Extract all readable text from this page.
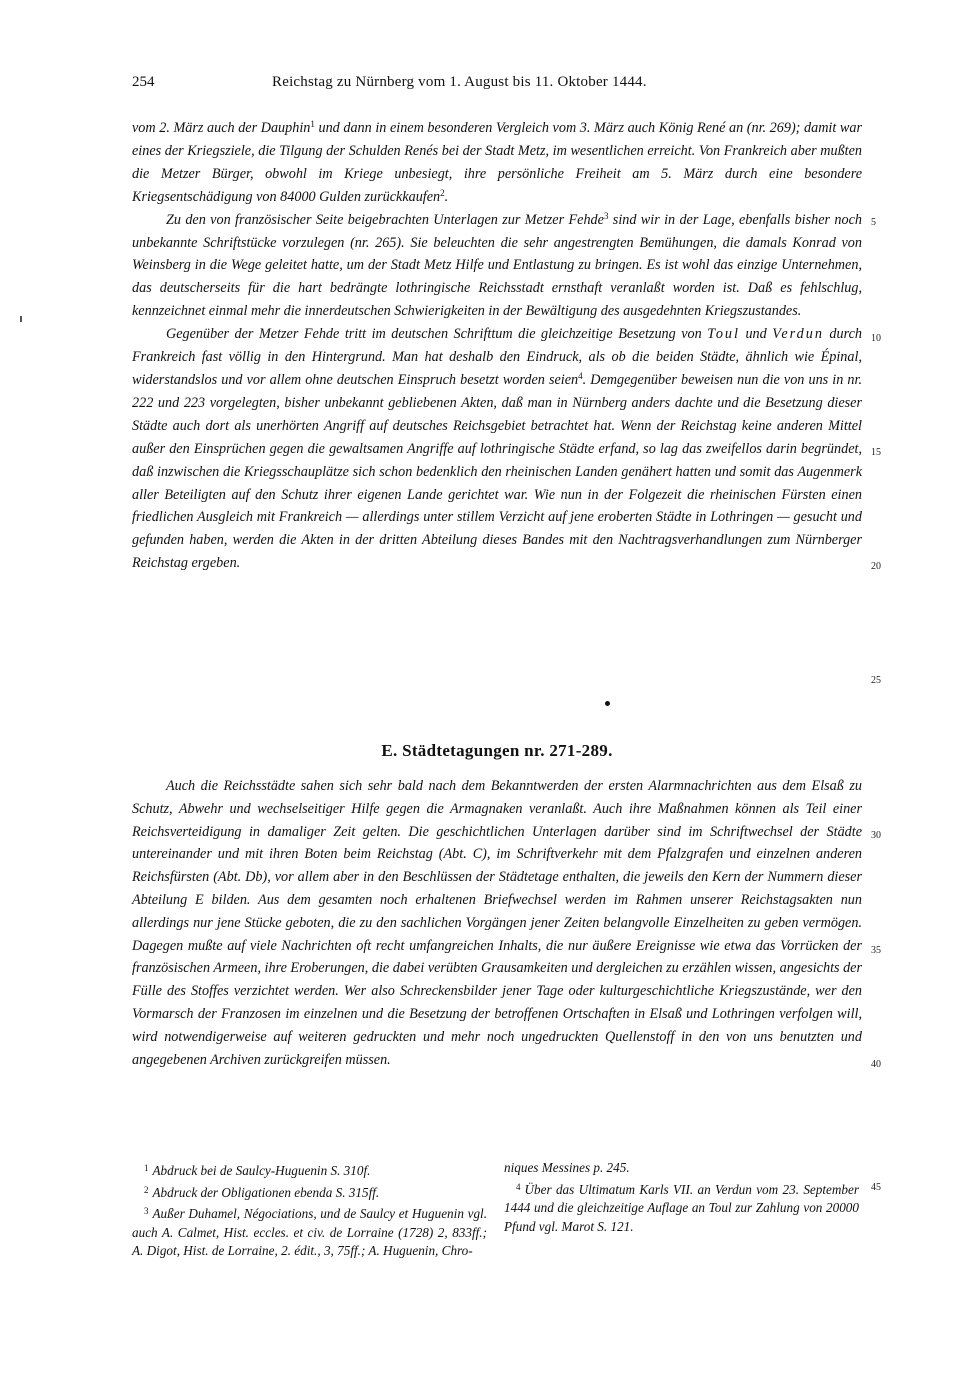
254	Reichstag zu Nürnberg vom 1. August bis 11. Oktober 1444.

vom 2. März auch der Dauphin$^1$ und dann in einem besonderen Vergleich vom 3. März auch König René an (nr. 269); damit war eines der Kriegsziele, die Tilgung der Schulden Renés bei der Stadt Metz, im wesentlichen erreicht. Von Frankreich aber mußten die Metzer Bürger, obwohl im Kriege unbesiegt, ihre persönliche Freiheit am 5. März durch eine besondere Kriegsentschädigung von 84000 Gulden zurückkaufen$^2$.

Zu den von französischer Seite beigebrachten Unterlagen zur Metzer Fehde$^3$ sind wir in der Lage, ebenfalls bisher noch unbekannte Schriftstücke vorzulegen (nr. 265). Sie beleuchten die sehr angestrengten Bemühungen, die damals Konrad von Weinsberg in die Wege geleitet hatte, um der Stadt Metz Hilfe und Entlastung zu bringen. Es ist wohl das einzige Unternehmen, das deutscherseits für die hart bedrängte lothringische Reichsstadt ernsthaft veranlaßt worden ist. Daß es fehlschlug, kennzeichnet einmal mehr die innerdeutschen Schwierigkeiten in der Bewältigung des ausgedehnten Kriegszustandes.

Gegenüber der Metzer Fehde tritt im deutschen Schrifttum die gleichzeitige Besetzung von Toul und Verdun durch Frankreich fast völlig in den Hintergrund. Man hat deshalb den Eindruck, als ob die beiden Städte, ähnlich wie Épinal, widerstandslos und vor allem ohne deutschen Einspruch besetzt worden seien$^4$. Demgegenüber beweisen nun die von uns in nr. 222 und 223 vorgelegten, bisher unbekannt gebliebenen Akten, daß man in Nürnberg anders dachte und die Besetzung dieser Städte auch dort als unerhörten Angriff auf deutsches Reichsgebiet betrachtet hat. Wenn der Reichstag keine anderen Mittel außer den Einsprüchen gegen die gewaltsamen Angriffe auf lothringische Städte erfand, so lag das zweifellos darin begründet, daß inzwischen die Kriegsschauplätze sich schon bedenklich den rheinischen Landen genähert hatten und somit das Augenmerk aller Beteiligten auf den Schutz ihrer eigenen Lande gerichtet war. Wie nun in der Folgezeit die rheinischen Fürsten einen friedlichen Ausgleich mit Frankreich — allerdings unter stillem Verzicht auf jene eroberten Städte in Lothringen — gesucht und gefunden haben, werden die Akten in der dritten Abteilung dieses Bandes mit den Nachtragsverhandlungen zum Nürnberger Reichstag ergeben.

E. Städtetagungen nr. 271-289.

Auch die Reichsstädte sahen sich sehr bald nach dem Bekanntwerden der ersten Alarmnachrichten aus dem Elsaß zu Schutz, Abwehr und wechselseitiger Hilfe gegen die Armagnaken veranlaßt. Auch ihre Maßnahmen können als Teil einer Reichsverteidigung in damaliger Zeit gelten. Die geschichtlichen Unterlagen darüber sind im Schriftwechsel der Städte untereinander und mit ihren Boten beim Reichstag (Abt. C), im Schriftverkehr mit dem Pfalzgrafen und einzelnen anderen Reichsfürsten (Abt. Db), vor allem aber in den Beschlüssen der Städtetage enthalten, die jeweils den Kern der Nummern dieser Abteilung E bilden. Aus dem gesamten noch erhaltenen Briefwechsel werden im Rahmen unserer Reichstagsakten nun allerdings nur jene Stücke geboten, die zu den sachlichen Vorgängen jener Zeiten belangvolle Einzelheiten zu geben vermögen. Dagegen mußte auf viele Nachrichten oft recht umfangreichen Inhalts, die nur äußere Ereignisse wie etwa das Vorrücken der französischen Armeen, ihre Eroberungen, die dabei verübten Grausamkeiten und dergleichen zu erzählen wissen, angesichts der Fülle des Stoffes verzichtet werden. Wer also Schreckensbilder jener Tage oder kulturgeschichtliche Kriegszustände, wer den Vormarsch der Franzosen im einzelnen und die Besetzung der betroffenen Ortschaften in Elsaß und Lothringen verfolgen will, wird notwendigerweise auf weiteren gedruckten und mehr noch ungedruckten Quellenstoff in den von uns benutzten und angegebenen Archiven zurückgreifen müssen.

5
10
15
20
25
30
35
40
45

$^1$ Abdruck bei de Saulcy-Huguenin S. 310f.

$^2$ Abdruck der Obligationen ebenda S. 315ff.

$^3$ Außer Duhamel, Négociations, und de Saulcy et Huguenin vgl. auch A. Calmet, Hist. eccles. et civ. de Lorraine (1728) 2, 833ff.; A. Digot, Hist. de Lorraine, 2. édit., 3, 75ff.; A. Huguenin, Chro-

niques Messines p. 245.

$^4$ Über das Ultimatum Karls VII. an Verdun vom 23. September 1444 und die gleichzeitige Auflage an Toul zur Zahlung von 20000 Pfund vgl. Marot S. 121.
